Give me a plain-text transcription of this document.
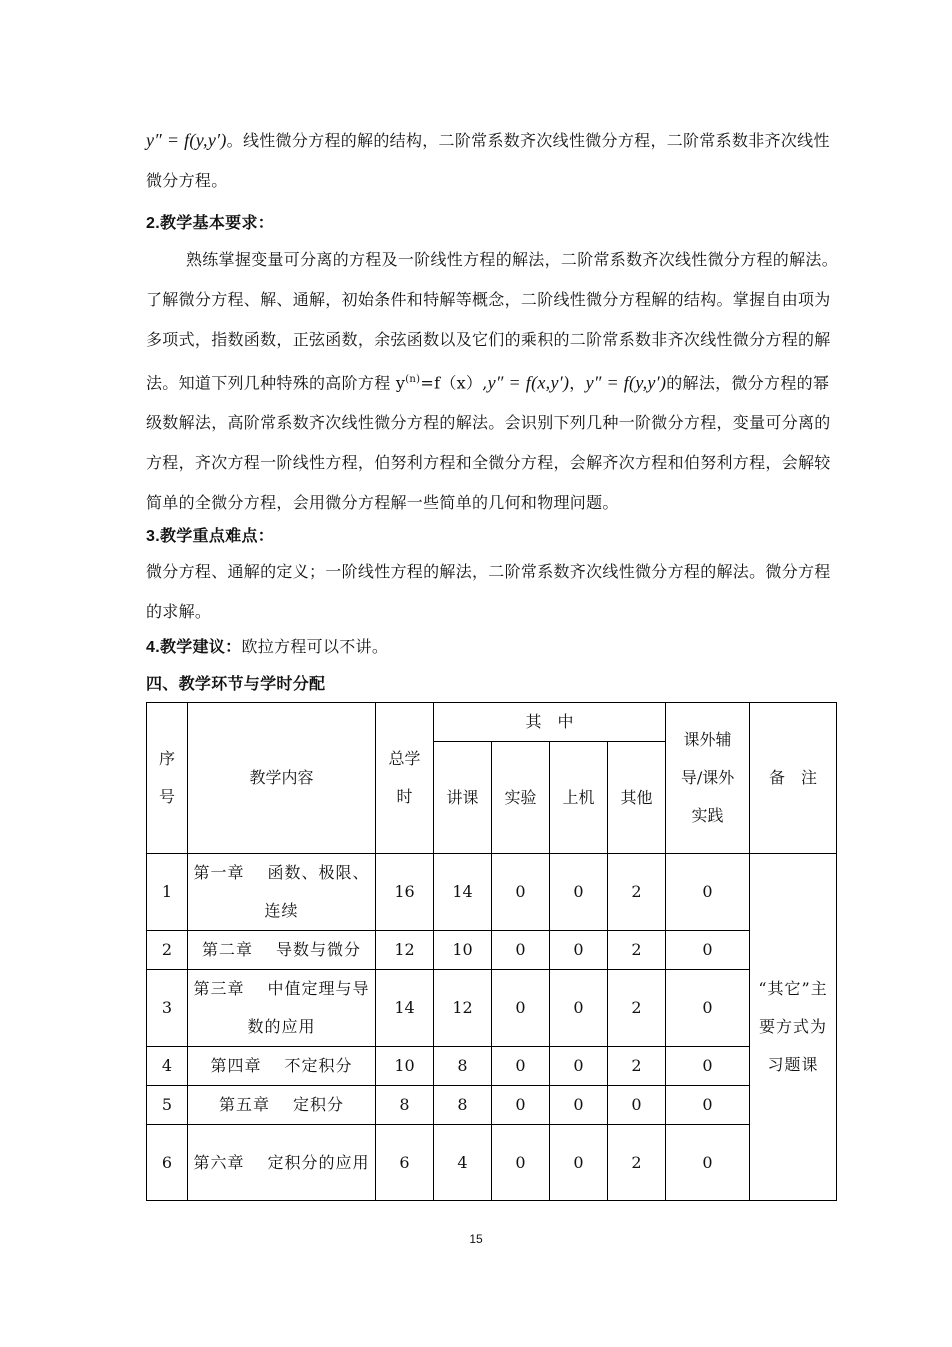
y″ = f(y,y′)。线性微分方程的解的结构，二阶常系数齐次线性微分方程，二阶常系数非齐次线性微分方程。
2.教学基本要求：
熟练掌握变量可分离的方程及一阶线性方程的解法，二阶常系数齐次线性微分方程的解法。了解微分方程、解、通解，初始条件和特解等概念，二阶线性微分方程解的结构。掌握自由项为多项式，指数函数，正弦函数，余弦函数以及它们的乘积的二阶常系数非齐次线性微分方程的解法。知道下列几种特殊的高阶方程 $y^{(n)}=f(x),y'' = f(x,y')$，y″ = f(y,y′)的解法，微分方程的幂级数解法，高阶常系数齐次线性微分方程的解法。会识别下列几种一阶微分方程，变量可分离的方程，齐次方程一阶线性方程，伯努利方程和全微分方程，会解齐次方程和伯努利方程，会解较简单的全微分方程，会用微分方程解一些简单的几何和物理问题。
3.教学重点难点：
微分方程、通解的定义；一阶线性方程的解法，二阶常系数齐次线性微分方程的解法。微分方程的求解。
4.教学建议：欧拉方程可以不讲。
四、教学环节与学时分配
序号	教学内容	总学时	其　中				课外辅导/课外实践	备　注
			讲课	实验	上机	其他		
1	第一章　 函数、极限、连续	16	14	0	0	2	0	“其它”主要方式为习题课
2	第二章　 导数与微分	12	10	0	0	2	0	
3	第三章　 中值定理与导数的应用	14	12	0	0	2	0	
4	第四章　 不定积分	10	8	0	0	2	0	
5	第五章　 定积分	8	8	0	0	0	0	
6	第六章　 定积分的应用	6	4	0	0	2	0	
15
